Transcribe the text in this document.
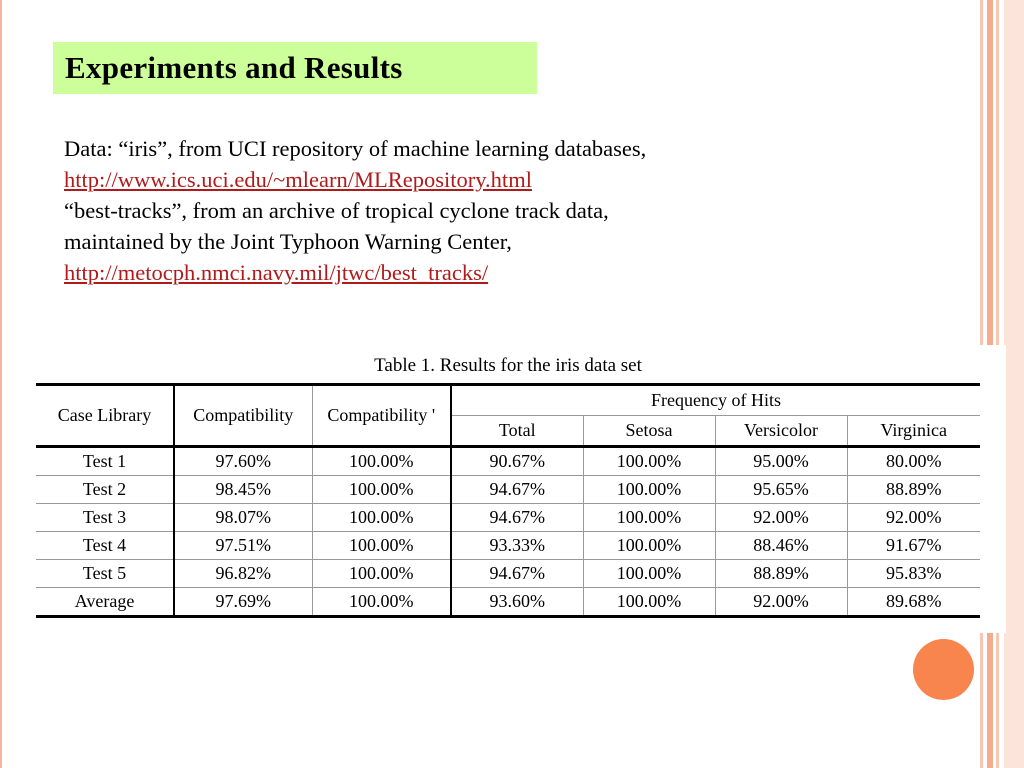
Experiments and Results
Data: “iris”, from UCI repository of machine learning databases,
http://www.ics.uci.edu/~mlearn/MLRepository.html
“best-tracks”, from an archive of tropical cyclone track data,
maintained by the Joint Typhoon Warning Center,
http://metocph.nmci.navy.mil/jtwc/best_tracks/
Table 1. Results for the iris data set
Case Library	Compatibility	Compatibility '	Frequency of Hits			
			Total	Setosa	Versicolor	Virginica
Test 1	97.60%	100.00%	90.67%	100.00%	95.00%	80.00%
Test 2	98.45%	100.00%	94.67%	100.00%	95.65%	88.89%
Test 3	98.07%	100.00%	94.67%	100.00%	92.00%	92.00%
Test 4	97.51%	100.00%	93.33%	100.00%	88.46%	91.67%
Test 5	96.82%	100.00%	94.67%	100.00%	88.89%	95.83%
Average	97.69%	100.00%	93.60%	100.00%	92.00%	89.68%
